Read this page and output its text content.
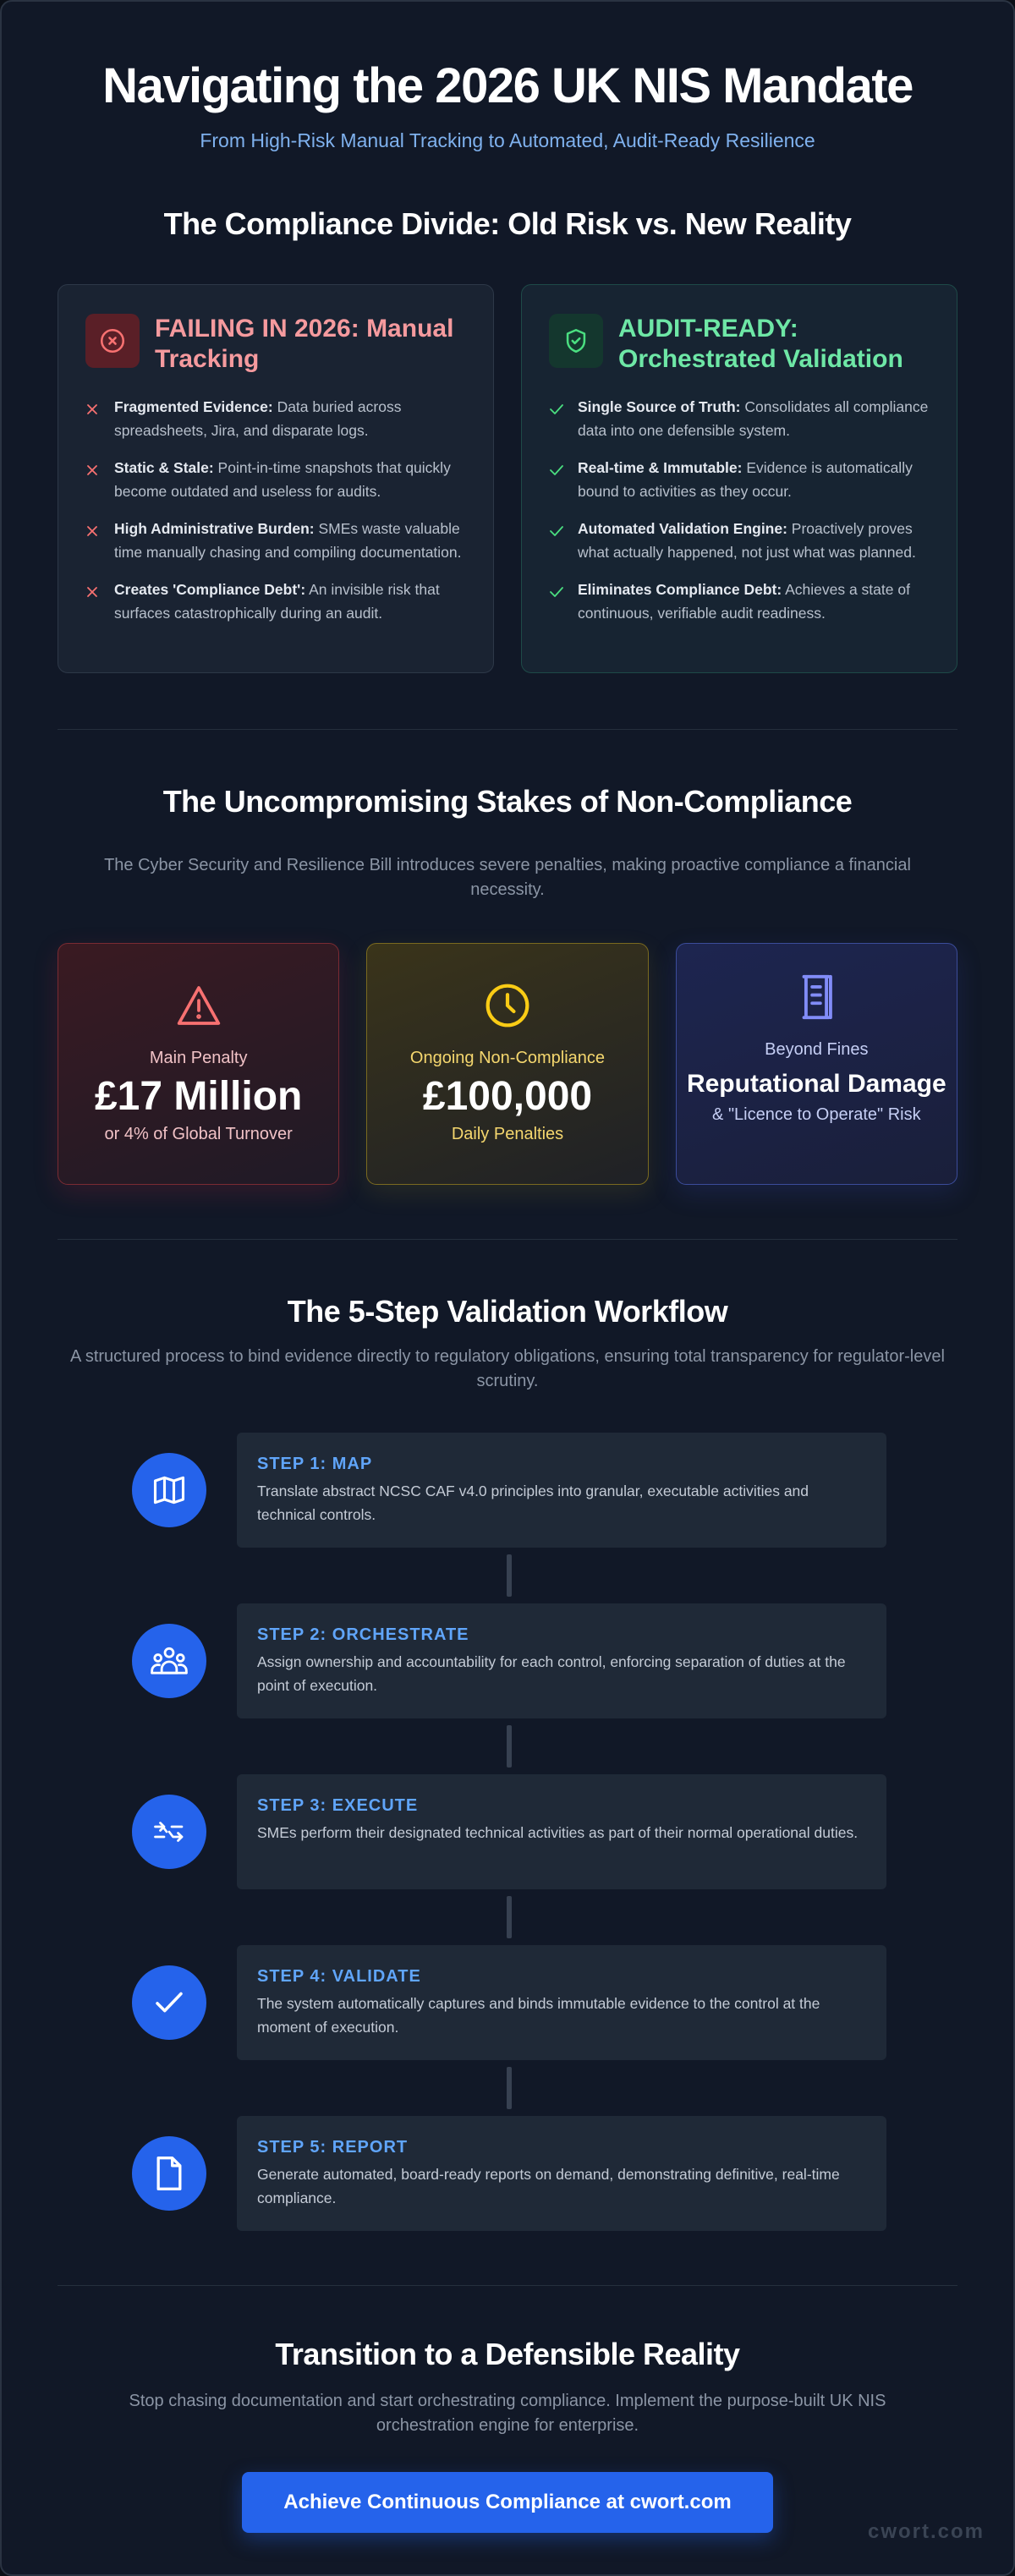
Navigating the 2026 UK NIS Mandate

From High-Risk Manual Tracking to Automated, Audit-Ready Resilience

The Compliance Divide: Old Risk vs. New Reality
FAILING IN 2026: Manual Tracking
Fragmented Evidence: Data buried across spreadsheets, Jira, and disparate logs.
Static & Stale: Point-in-time snapshots that quickly become outdated and useless for audits.
High Administrative Burden: SMEs waste valuable time manually chasing and compiling documentation.
Creates 'Compliance Debt': An invisible risk that surfaces catastrophically during an audit.
AUDIT-READY: Orchestrated Validation
Single Source of Truth: Consolidates all compliance data into one defensible system.
Real-time & Immutable: Evidence is automatically bound to activities as they occur.
Automated Validation Engine: Proactively proves what actually happened, not just what was planned.
Eliminates Compliance Debt: Achieves a state of continuous, verifiable audit readiness.
The Uncompromising Stakes of Non-Compliance

The Cyber Security and Resilience Bill introduces severe penalties, making proactive compliance a financial necessity.

Main Penalty
£17 Million
or 4% of Global Turnover
Ongoing Non-Compliance
£100,000
Daily Penalties
Beyond Fines
Reputational Damage
& "Licence to Operate" Risk
The 5-Step Validation Workflow

A structured process to bind evidence directly to regulatory obligations, ensuring total transparency for regulator-level scrutiny.

STEP 1: MAP
Translate abstract NCSC CAF v4.0 principles into granular, executable activities and technical controls.
STEP 2: ORCHESTRATE
Assign ownership and accountability for each control, enforcing separation of duties at the point of execution.
STEP 3: EXECUTE
SMEs perform their designated technical activities as part of their normal operational duties.
STEP 4: VALIDATE
The system automatically captures and binds immutable evidence to the control at the moment of execution.
STEP 5: REPORT
Generate automated, board-ready reports on demand, demonstrating definitive, real-time compliance.
Transition to a Defensible Reality

Stop chasing documentation and start orchestrating compliance. Implement the purpose-built UK NIS orchestration engine for enterprise.

Achieve Continuous Compliance at cwort.com
cwort.com
